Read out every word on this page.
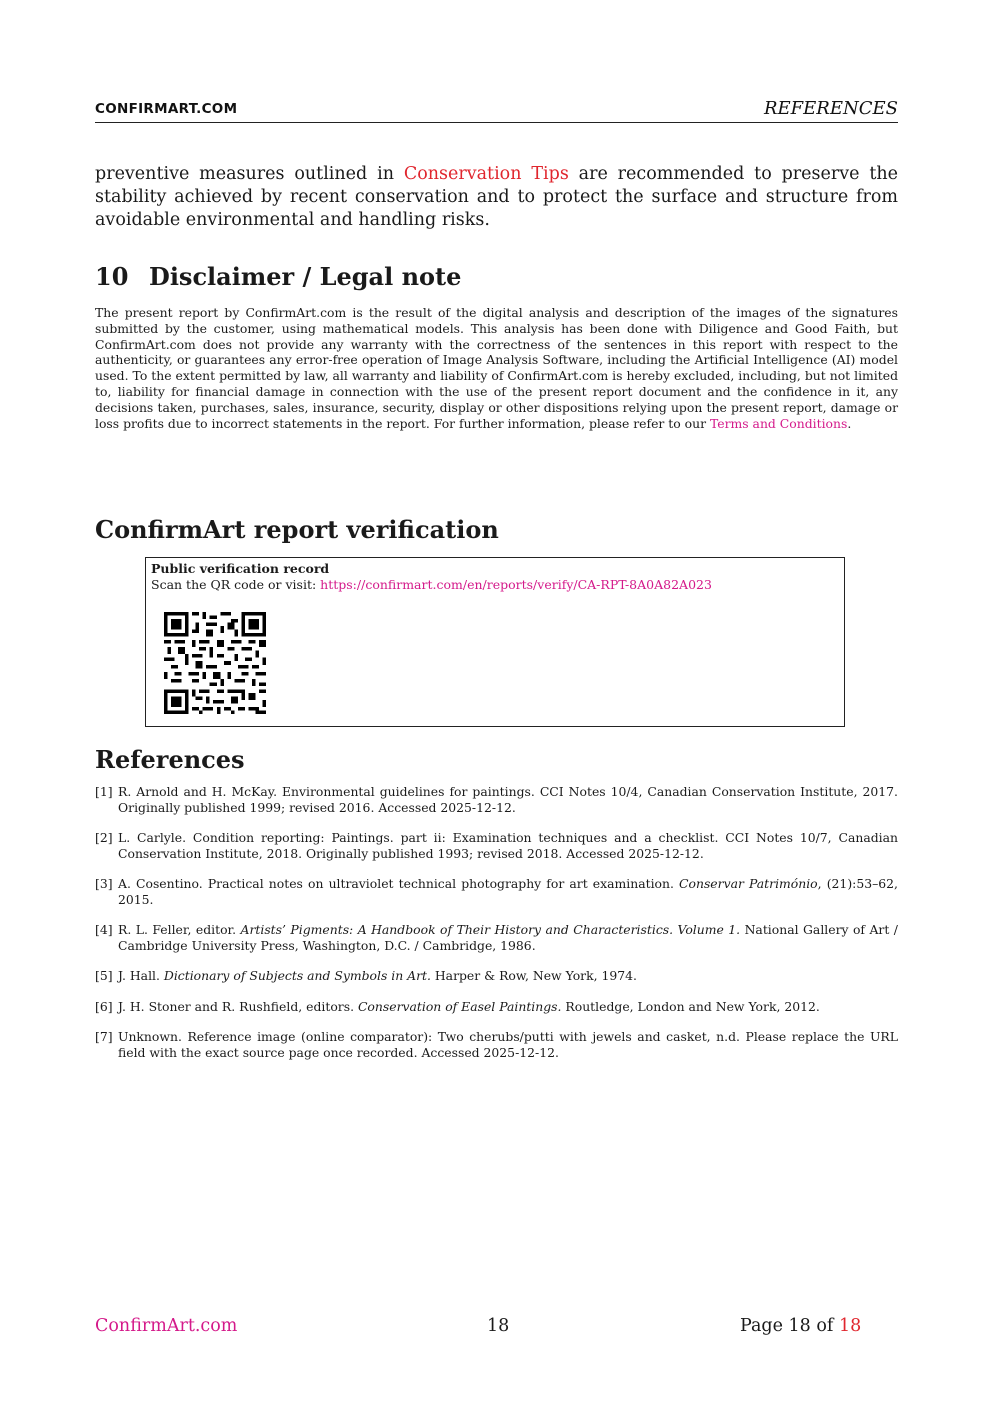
CONFIRMART.COM	REFERENCES
preventive measures outlined in Conservation Tips are recommended to preserve the stability achieved by recent conservation and to protect the surface and structure from avoidable environmental and handling risks.
10 Disclaimer / Legal note
The present report by ConfirmArt.com is the result of the digital analysis and description of the images of the signatures submitted by the customer, using mathematical models. This analysis has been done with Diligence and Good Faith, but ConfirmArt.com does not provide any warranty with the correctness of the sentences in this report with respect to the authenticity, or guarantees any error-free operation of Image Analysis Software, including the Artificial Intelligence (AI) model used. To the extent permitted by law, all warranty and liability of ConfirmArt.com is hereby excluded, including, but not limited to, liability for financial damage in connection with the use of the present report document and the confidence in it, any decisions taken, purchases, sales, insurance, security, display or other dispositions relying upon the present report, damage or loss profits due to incorrect statements in the report. For further information, please refer to our Terms and Conditions.
ConfirmArt report verification
Public verification record
Scan the QR code or visit: https://confirmart.com/en/reports/verify/CA-RPT-8A0A82A023
References
[1] R. Arnold and H. McKay. Environmental guidelines for paintings. CCI Notes 10/4, Canadian Conservation Institute, 2017. Originally published 1999; revised 2016. Accessed 2025-12-12.
[2] L. Carlyle. Condition reporting: Paintings. part ii: Examination techniques and a checklist. CCI Notes 10/7, Canadian Conservation Institute, 2018. Originally published 1993; revised 2018. Accessed 2025-12-12.
[3] A. Cosentino. Practical notes on ultraviolet technical photography for art examination. Conservar Património, (21):53–62, 2015.
[4] R. L. Feller, editor. Artists’ Pigments: A Handbook of Their History and Characteristics. Volume 1. National Gallery of Art / Cambridge University Press, Washington, D.C. / Cambridge, 1986.
[5] J. Hall. Dictionary of Subjects and Symbols in Art. Harper & Row, New York, 1974.
[6] J. H. Stoner and R. Rushfield, editors. Conservation of Easel Paintings. Routledge, London and New York, 2012.
[7] Unknown. Reference image (online comparator): Two cherubs/putti with jewels and casket, n.d. Please replace the URL field with the exact source page once recorded. Accessed 2025-12-12.
ConfirmArt.com	18	Page 18 of 18
